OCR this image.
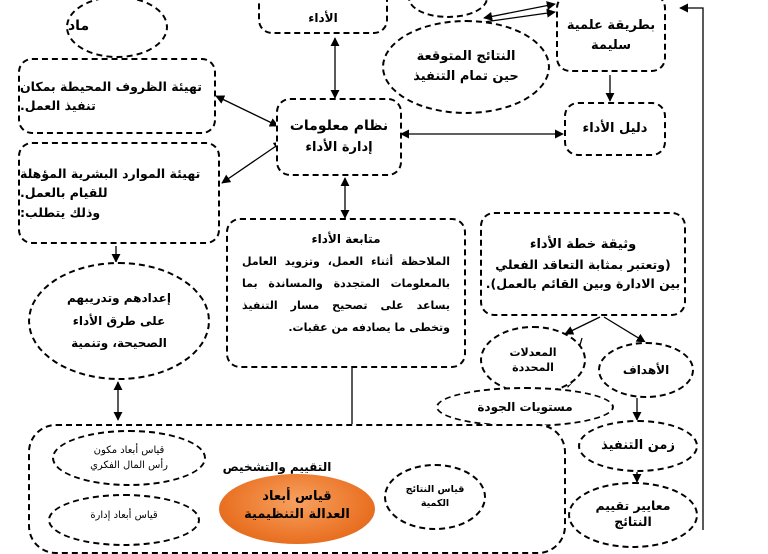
الأداء
ماد	بطريقة علمية
سليمة
النتائج المتوقعة
حين تمام التنفيذ
تهيئة الظروف المحيطة بمكان
تنفيذ العمل.
نظام معلومات
إدارة الأداء
دليل الأداء
تهيئة الموارد البشرية المؤهلة
للقيام بالعمل.
وذلك يتطلب:
متابعة الأداء
الملاحظة أثناء العمل، وتزويد العامل بالمعلومات المتجددة والمساندة بما يساعد على تصحيح مسار التنفيذ وتخطى ما يصادفه من عقبات.
وثيقة خطة الأداء
(وتعتبر بمثابة التعاقد الفعلي
بين الادارة وبين القائم بالعمل).
إعدادهم وتدريبهم
على طرق الأداء
الصحيحة، وتنمية
المعدلات
المحددة	الأهداف
مستويات الجودة
التقييم والتشخيص
زمن التنفيذ
قياس أبعاد مكون
رأس المال الفكري
قياس أبعاد إدارة
قياس أبعاد
العدالة التنظيمية
قياس النتائج
الكمية	معايير تقييم
النتائج
